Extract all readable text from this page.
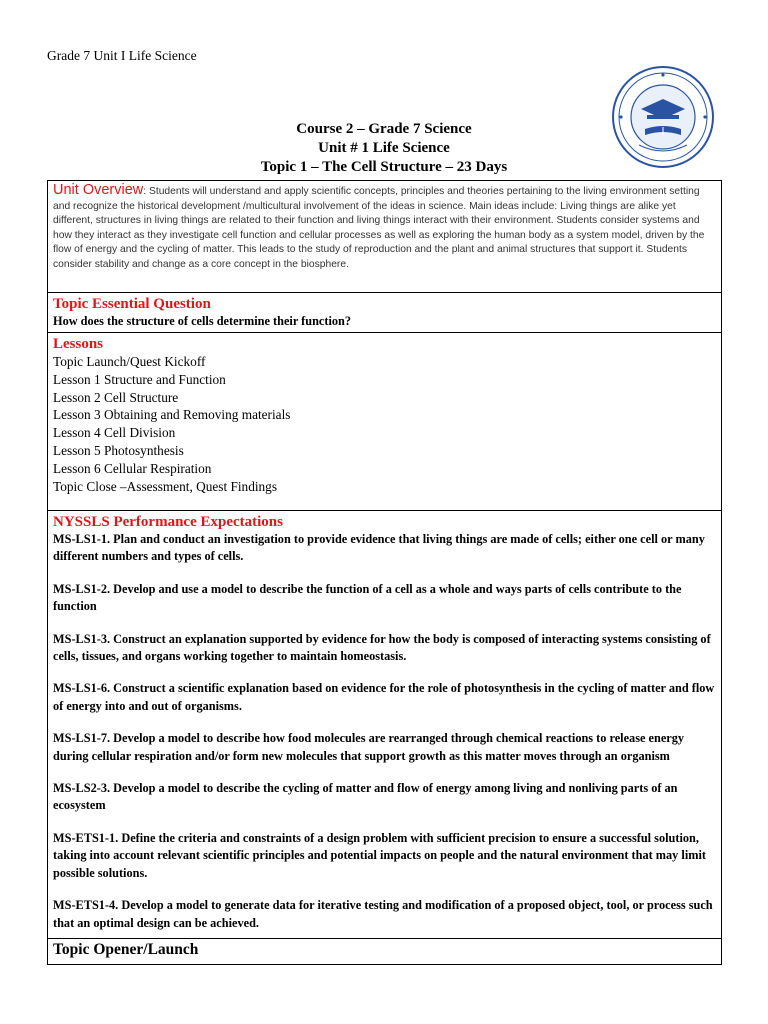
Grade 7 Unit I Life Science
Course 2 – Grade 7 Science
Unit # 1 Life Science
Topic 1 – The Cell Structure – 23 Days
Unit Overview: Students will understand and apply scientific concepts, principles and theories pertaining to the living environment setting and recognize the historical development /multicultural involvement of the ideas in science. Main ideas include: Living things are alike yet different, structures in living things are related to their function and living things interact with their environment. Students consider systems and how they interact as they investigate cell function and cellular processes as well as exploring the human body as a system model, driven by the flow of energy and the cycling of matter. This leads to the study of reproduction and the plant and animal structures that support it. Students consider stability and change as a core concept in the biosphere.

Topic Essential Question
How does the structure of cells determine their function?

Lessons
Topic Launch/Quest Kickoff
Lesson 1 Structure and Function
Lesson 2 Cell Structure
Lesson 3 Obtaining and Removing materials
Lesson 4 Cell Division
Lesson 5 Photosynthesis
Lesson 6 Cellular Respiration
Topic Close –Assessment, Quest Findings

NYSSLS Performance Expectations

MS-LS1-1. Plan and conduct an investigation to provide evidence that living things are made of cells; either one cell or many different numbers and types of cells.

MS-LS1-2. Develop and use a model to describe the function of a cell as a whole and ways parts of cells contribute to the function

MS-LS1-3. Construct an explanation supported by evidence for how the body is composed of interacting systems consisting of cells, tissues, and organs working together to maintain homeostasis.

MS-LS1-6. Construct a scientific explanation based on evidence for the role of photosynthesis in the cycling of matter and flow of energy into and out of organisms.

MS-LS1-7. Develop a model to describe how food molecules are rearranged through chemical reactions to release energy during cellular respiration and/or form new molecules that support growth as this matter moves through an organism

MS-LS2-3. Develop a model to describe the cycling of matter and flow of energy among living and nonliving parts of an ecosystem

MS-ETS1-1. Define the criteria and constraints of a design problem with sufficient precision to ensure a successful solution, taking into account relevant scientific principles and potential impacts on people and the natural environment that may limit possible solutions.

MS-ETS1-4. Develop a model to generate data for iterative testing and modification of a proposed object, tool, or process such that an optimal design can be achieved.

Topic Opener/Launch
